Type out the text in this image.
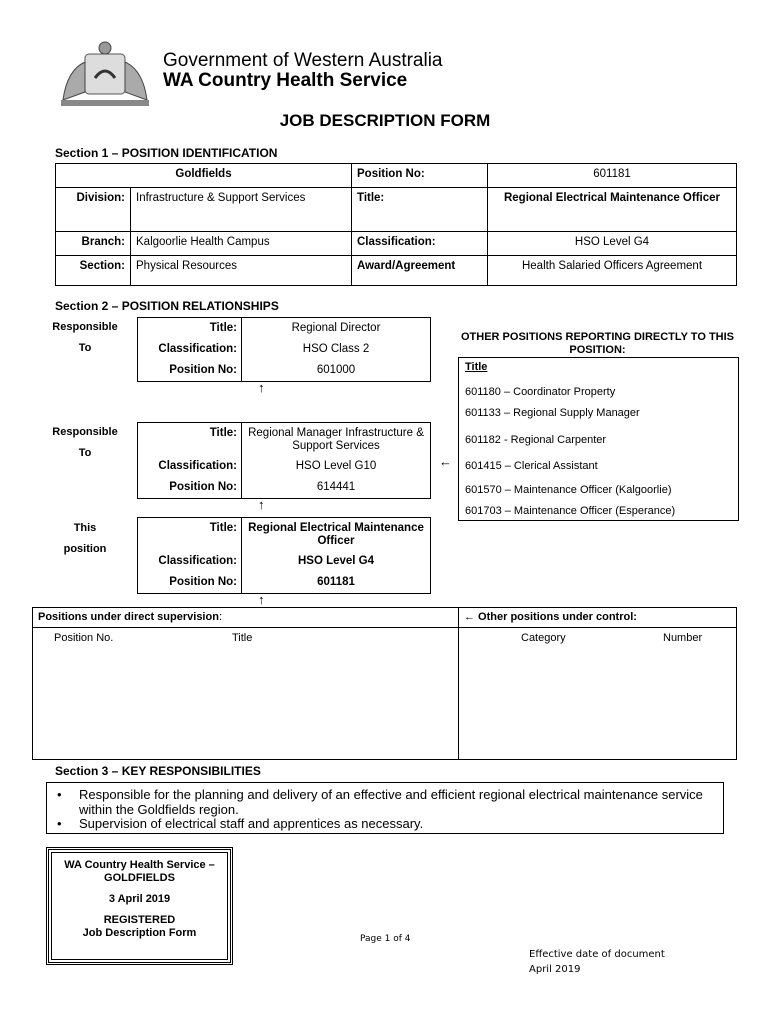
Government of Western Australia
WA Country Health Service
JOB DESCRIPTION FORM
Section 1 – POSITION IDENTIFICATION
Goldfields		Position No:	601181
Division:	Infrastructure & Support Services	Title:	Regional Electrical Maintenance Officer
Branch:	Kalgoorlie Health Campus	Classification:	HSO Level G4
Section:	Physical Resources	Award/Agreement	Health Salaried Officers Agreement
Section 2 – POSITION RELATIONSHIPS
Responsible
To
Title:	Regional Director
Classification:	HSO Class 2
Position No:	601000
↑
Responsible
To
Title:	Regional Manager Infrastructure & Support Services
Classification:	HSO Level G10
Position No:	614441
←
↑
This
position
Title:	Regional Electrical Maintenance Officer
Classification:	HSO Level G4
Position No:	601181
↑
OTHER POSITIONS REPORTING DIRECTLY TO THIS POSITION:
Title
601180 – Coordinator Property
601133 – Regional Supply Manager
601182 - Regional Carpenter
601415 – Clerical Assistant
601570 – Maintenance Officer (Kalgoorlie)
601703 – Maintenance Officer (Esperance)
Positions under direct supervision:	← Other positions under control:
Position No.	Title	Category	Number
Section 3 – KEY RESPONSIBILITIES
• Responsible for the planning and delivery of an effective and efficient regional electrical maintenance service within the Goldfields region.
• Supervision of electrical staff and apprentices as necessary.
WA Country Health Service –
GOLDFIELDS
3 April 2019
REGISTERED
Job Description Form	Page 1 of 4
Effective date of document
April 2019
